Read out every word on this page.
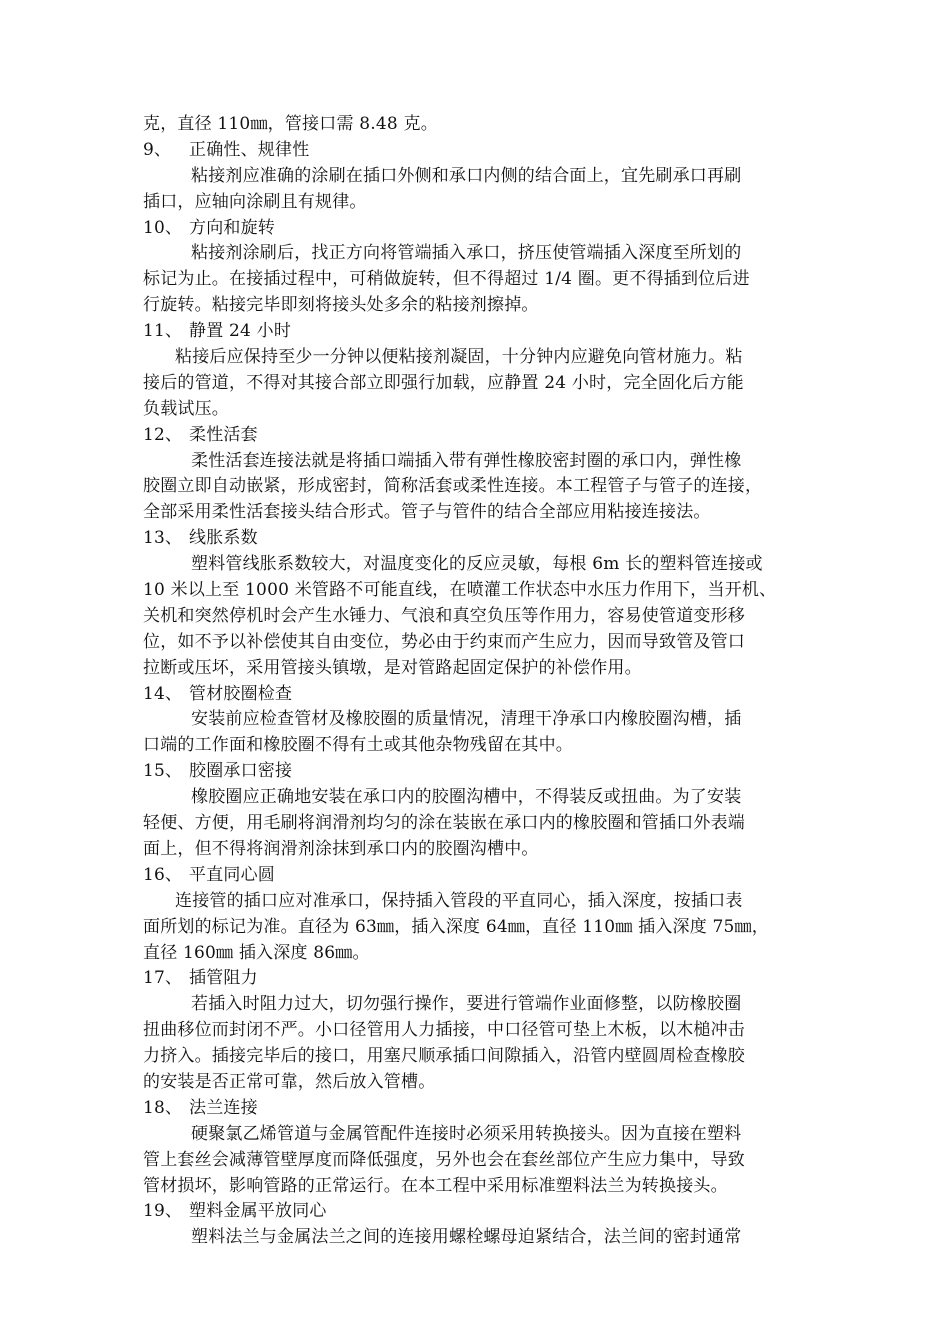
克，直径 110㎜，管接口需 8.48 克。
9、	正确性、规律性
粘接剂应准确的涂刷在插口外侧和承口内侧的结合面上，宜先刷承口再刷
插口，应轴向涂刷且有规律。
10、 方向和旋转
粘接剂涂刷后，找正方向将管端插入承口，挤压使管端插入深度至所划的
标记为止。在接插过程中，可稍做旋转，但不得超过 1/4 圈。更不得插到位后进
行旋转。粘接完毕即刻将接头处多余的粘接剂擦掉。
11、 静置 24 小时
粘接后应保持至少一分钟以便粘接剂凝固，十分钟内应避免向管材施力。粘
接后的管道，不得对其接合部立即强行加载，应静置 24 小时，完全固化后方能
负载试压。
12、 柔性活套
柔性活套连接法就是将插口端插入带有弹性橡胶密封圈的承口内，弹性橡
胶圈立即自动嵌紧，形成密封，简称活套或柔性连接。本工程管子与管子的连接，
全部采用柔性活套接头结合形式。管子与管件的结合全部应用粘接连接法。
13、 线胀系数
塑料管线胀系数较大，对温度变化的反应灵敏，每根 6m 长的塑料管连接或
10 米以上至 1000 米管路不可能直线，在喷灌工作状态中水压力作用下，当开机、
关机和突然停机时会产生水锤力、气浪和真空负压等作用力，容易使管道变形移
位，如不予以补偿使其自由变位，势必由于约束而产生应力，因而导致管及管口
拉断或压坏，采用管接头镇墩，是对管路起固定保护的补偿作用。
14、 管材胶圈检查
安装前应检查管材及橡胶圈的质量情况，清理干净承口内橡胶圈沟槽，插
口端的工作面和橡胶圈不得有土或其他杂物残留在其中。
15、 胶圈承口密接
橡胶圈应正确地安装在承口内的胶圈沟槽中，不得装反或扭曲。为了安装
轻便、方便，用毛刷将润滑剂均匀的涂在装嵌在承口内的橡胶圈和管插口外表端
面上，但不得将润滑剂涂抹到承口内的胶圈沟槽中。
16、 平直同心圆
连接管的插口应对准承口，保持插入管段的平直同心，插入深度，按插口表
面所划的标记为准。直径为 63㎜，插入深度 64㎜，直径 110㎜ 插入深度 75㎜，
直径 160㎜ 插入深度 86㎜。
17、 插管阻力
若插入时阻力过大，切勿强行操作，要进行管端作业面修整，以防橡胶圈
扭曲移位而封闭不严。小口径管用人力插接，中口径管可垫上木板，以木槌冲击
力挤入。插接完毕后的接口，用塞尺顺承插口间隙插入，沿管内壁圆周检查橡胶
的安装是否正常可靠，然后放入管槽。
18、 法兰连接
硬聚氯乙烯管道与金属管配件连接时必须采用转换接头。因为直接在塑料
管上套丝会减薄管壁厚度而降低强度，另外也会在套丝部位产生应力集中，导致
管材损坏，影响管路的正常运行。在本工程中采用标准塑料法兰为转换接头。
19、 塑料金属平放同心
塑料法兰与金属法兰之间的连接用螺栓螺母迫紧结合，法兰间的密封通常
